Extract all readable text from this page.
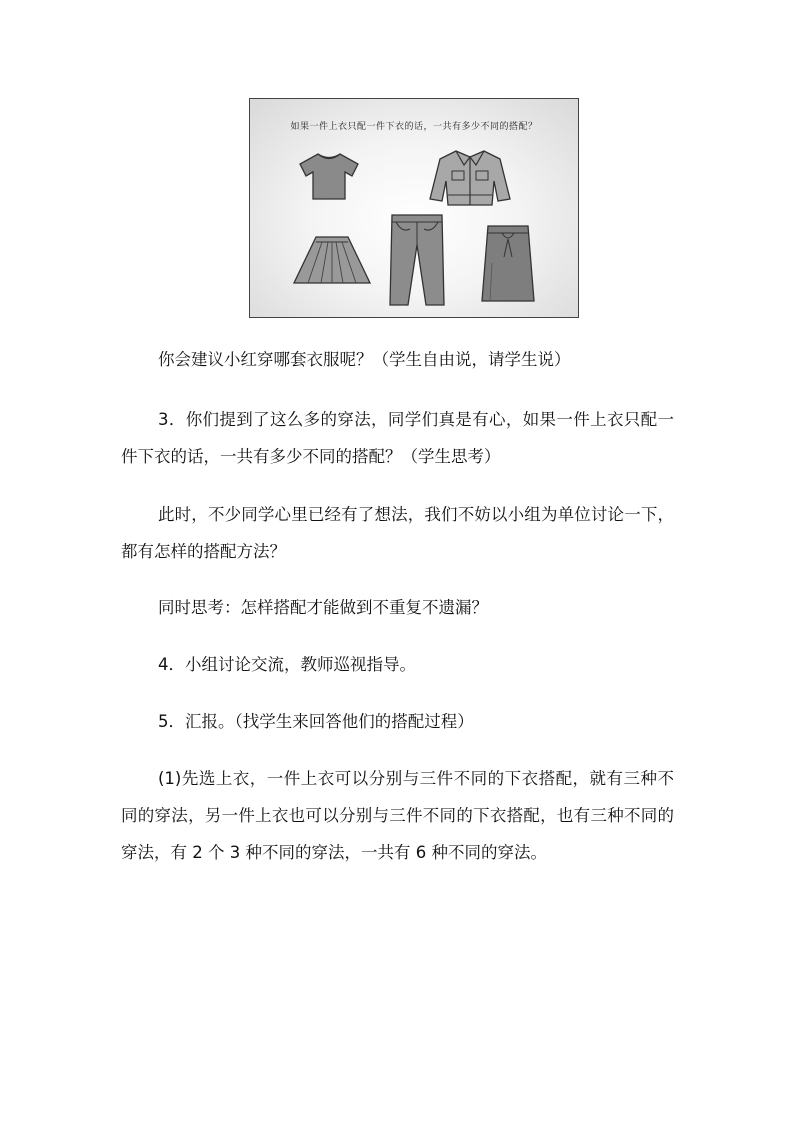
如果一件上衣只配一件下衣的话，一共有多少不同的搭配？

你会建议小红穿哪套衣服呢？（学生自由说，请学生说）

3．你们提到了这么多的穿法，同学们真是有心，如果一件上衣只配一件下衣的话，一共有多少不同的搭配？（学生思考）

此时，不少同学心里已经有了想法，我们不妨以小组为单位讨论一下，都有怎样的搭配方法？

同时思考：怎样搭配才能做到不重复不遗漏？

4．小组讨论交流，教师巡视指导。

5．汇报。（找学生来回答他们的搭配过程）

(1)先选上衣，一件上衣可以分别与三件不同的下衣搭配，就有三种不同的穿法，另一件上衣也可以分别与三件不同的下衣搭配，也有三种不同的穿法，有 2 个 3 种不同的穿法，一共有 6 种不同的穿法。
